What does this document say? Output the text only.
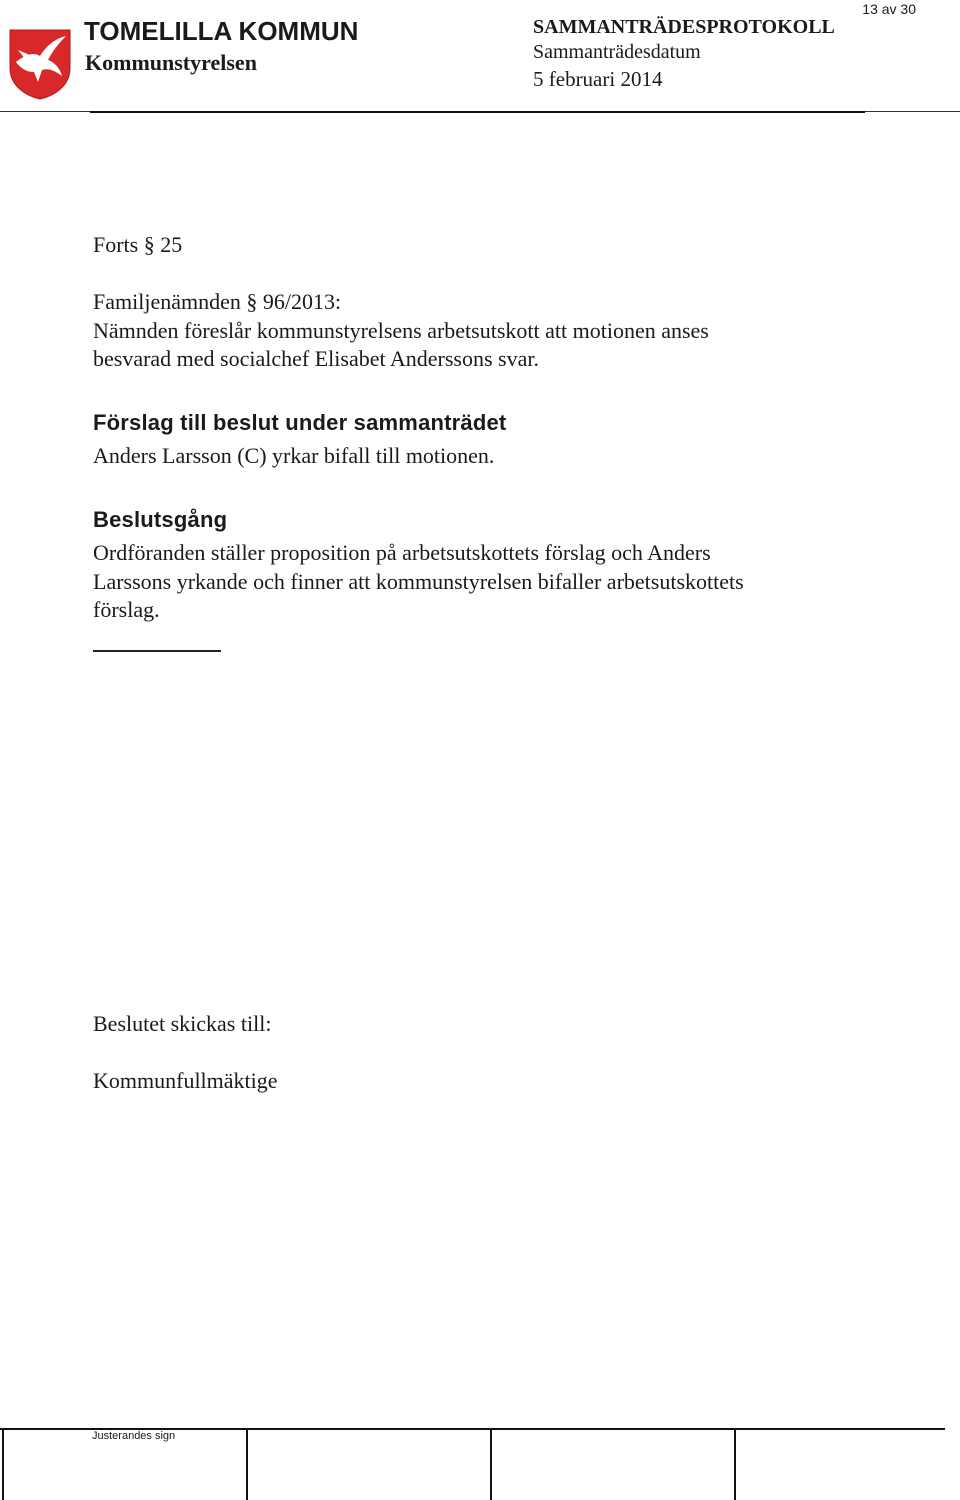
TOMELILLA KOMMUN
Kommunstyrelsen
SAMMANTRÄDESPROTOKOLL
Sammanträdesdatum
5 februari 2014
13 av 30
Forts § 25

Familjenämnden § 96/2013:

Nämnden föreslår kommunstyrelsens arbetsutskott att motionen anses

besvarad med socialchef Elisabet Anderssons svar.

Förslag till beslut under sammanträdet
Anders Larsson (C) yrkar bifall till motionen.
Beslutsgång

Ordföranden ställer proposition på arbetsutskottets förslag och Anders

Larssons yrkande och finner att kommunstyrelsen bifaller arbetsutskottets

förslag.

Beslutet skickas till:
Kommunfullmäktige
Justerandes sign
